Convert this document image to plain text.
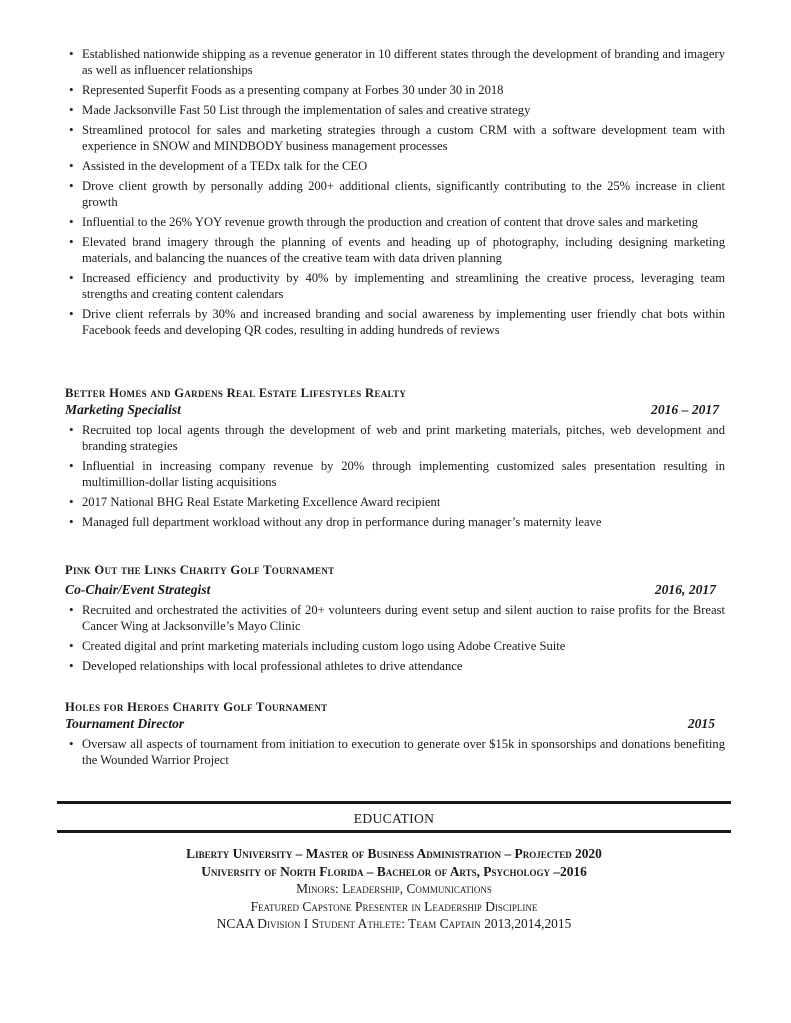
• Established nationwide shipping as a revenue generator in 10 different states through the development of branding and imagery as well as influencer relationships
• Represented Superfit Foods as a presenting company at Forbes 30 under 30 in 2018
• Made Jacksonville Fast 50 List through the implementation of sales and creative strategy
• Streamlined protocol for sales and marketing strategies through a custom CRM with a software development team with experience in SNOW and MINDBODY business management processes
• Assisted in the development of a TEDx talk for the CEO
• Drove client growth by personally adding 200+ additional clients, significantly contributing to the 25% increase in client growth
• Influential to the 26% YOY revenue growth through the production and creation of content that drove sales and marketing
• Elevated brand imagery through the planning of events and heading up of photography, including designing marketing materials, and balancing the nuances of the creative team with data driven planning
• Increased efficiency and productivity by 40% by implementing and streamlining the creative process, leveraging team strengths and creating content calendars
• Drive client referrals by 30% and increased branding and social awareness by implementing user friendly chat bots within Facebook feeds and developing QR codes, resulting in adding hundreds of reviews
Better Homes and Gardens Real Estate Lifestyles Realty
Marketing Specialist	2016 – 2017
• Recruited top local agents through the development of web and print marketing materials, pitches, web development and branding strategies
• Influential in increasing company revenue by 20% through implementing customized sales presentation resulting in multimillion-dollar listing acquisitions
• 2017 National BHG Real Estate Marketing Excellence Award recipient
• Managed full department workload without any drop in performance during manager’s maternity leave
Pink Out the Links Charity Golf Tournament
Co-Chair/Event Strategist	2016, 2017
• Recruited and orchestrated the activities of 20+ volunteers during event setup and silent auction to raise profits for the Breast Cancer Wing at Jacksonville’s Mayo Clinic
• Created digital and print marketing materials including custom logo using Adobe Creative Suite
• Developed relationships with local professional athletes to drive attendance
Holes for Heroes Charity Golf Tournament
Tournament Director	2015
• Oversaw all aspects of tournament from initiation to execution to generate over $15k in sponsorships and donations benefiting the Wounded Warrior Project
EDUCATION
Liberty University – Master of Business Administration – Projected 2020
University of North Florida – Bachelor of Arts, Psychology –2016
Minors: Leadership, Communications
Featured Capstone Presenter in Leadership Discipline
NCAA Division I Student Athlete: Team Captain 2013,2014,2015
